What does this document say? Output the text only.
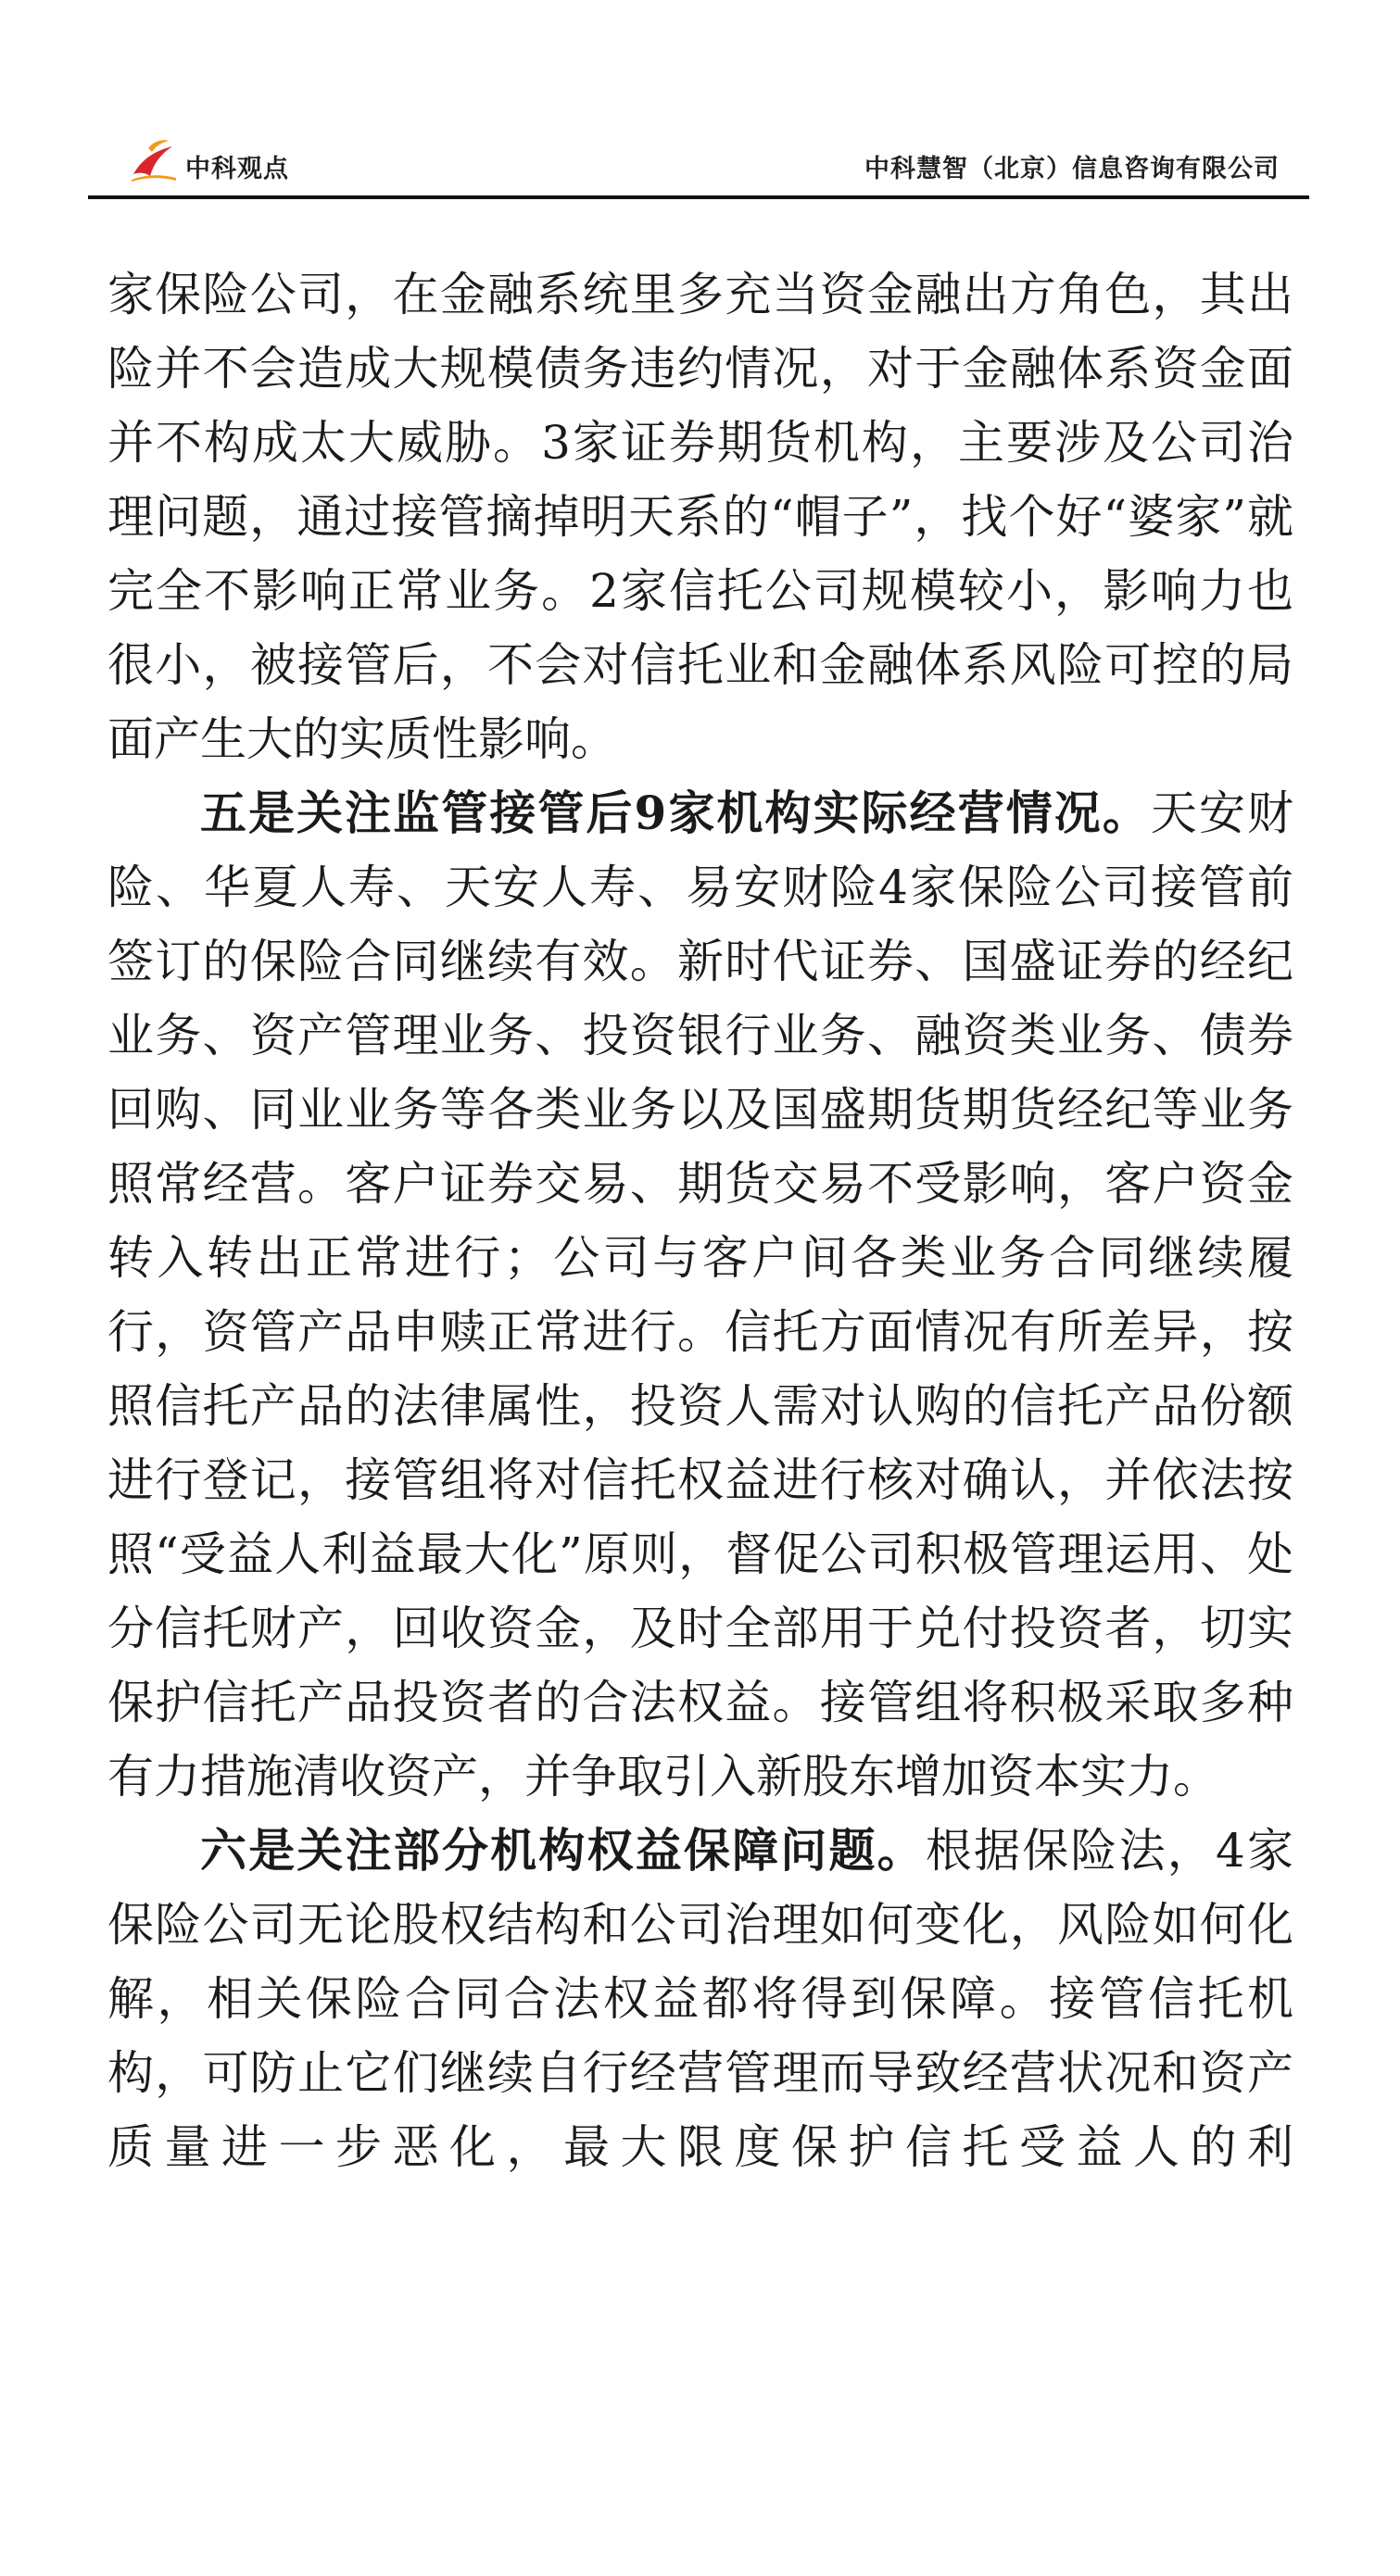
中科观点	中科慧智（北京）信息咨询有限公司

家保险公司，在金融系统里多充当资金融出方角色，其出险并不会造成大规模债务违约情况，对于金融体系资金面并不构成太大威胁。3家证券期货机构，主要涉及公司治理问题，通过接管摘掉明天系的“帽子”，找个好“婆家”就完全不影响正常业务。2家信托公司规模较小，影响力也很小，被接管后，不会对信托业和金融体系风险可控的局面产生大的实质性影响。

五是关注监管接管后9家机构实际经营情况。天安财险、华夏人寿、天安人寿、易安财险4家保险公司接管前签订的保险合同继续有效。新时代证券、国盛证券的经纪业务、资产管理业务、投资银行业务、融资类业务、债券回购、同业业务等各类业务以及国盛期货期货经纪等业务照常经营。客户证券交易、期货交易不受影响，客户资金转入转出正常进行；公司与客户间各类业务合同继续履行，资管产品申赎正常进行。信托方面情况有所差异，按照信托产品的法律属性，投资人需对认购的信托产品份额进行登记，接管组将对信托权益进行核对确认，并依法按照“受益人利益最大化”原则，督促公司积极管理运用、处分信托财产，回收资金，及时全部用于兑付投资者，切实保护信托产品投资者的合法权益。接管组将积极采取多种有力措施清收资产，并争取引入新股东增加资本实力。

六是关注部分机构权益保障问题。根据保险法，4家保险公司无论股权结构和公司治理如何变化，风险如何化解，相关保险合同合法权益都将得到保障。接管信托机构，可防止它们继续自行经营管理而导致经营状况和资产质量进一步恶化，最大限度保护信托受益人的利
